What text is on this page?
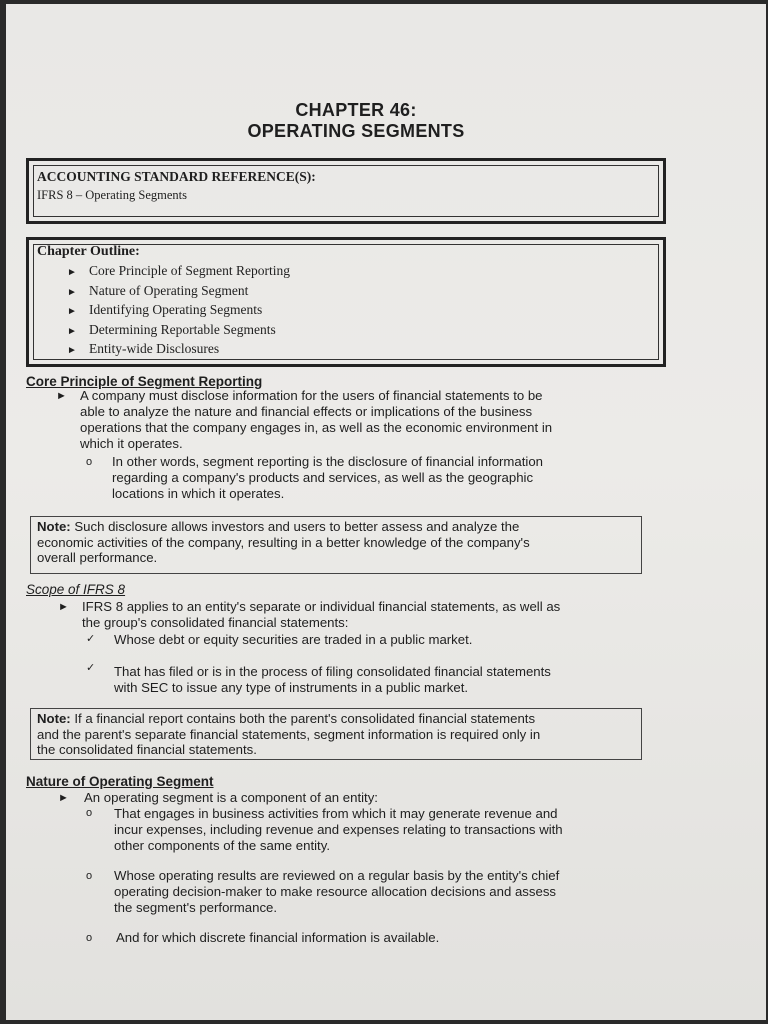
CHAPTER 46:
OPERATING SEGMENTS
ACCOUNTING STANDARD REFERENCE(S):
IFRS 8 – Operating Segments
Chapter Outline:
► Core Principle of Segment Reporting
► Nature of Operating Segment
► Identifying Operating Segments
► Determining Reportable Segments
► Entity-wide Disclosures
Core Principle of Segment Reporting
► A company must disclose information for the users of financial statements to be
able to analyze the nature and financial effects or implications of the business
operations that the company engages in, as well as the economic environment in
which it operates.
o In other words, segment reporting is the disclosure of financial information
regarding a company's products and services, as well as the geographic
locations in which it operates.
Note: Such disclosure allows investors and users to better assess and analyze the
economic activities of the company, resulting in a better knowledge of the company's
overall performance.
Scope of IFRS 8
► IFRS 8 applies to an entity's separate or individual financial statements, as well as
the group's consolidated financial statements:
✓ Whose debt or equity securities are traded in a public market.
✓ That has filed or is in the process of filing consolidated financial statements
with SEC to issue any type of instruments in a public market.
Note: If a financial report contains both the parent's consolidated financial statements
and the parent's separate financial statements, segment information is required only in
the consolidated financial statements.
Nature of Operating Segment
► An operating segment is a component of an entity:
o That engages in business activities from which it may generate revenue and
incur expenses, including revenue and expenses relating to transactions with
other components of the same entity.
o Whose operating results are reviewed on a regular basis by the entity's chief
operating decision-maker to make resource allocation decisions and assess
the segment's performance.
o And for which discrete financial information is available.
